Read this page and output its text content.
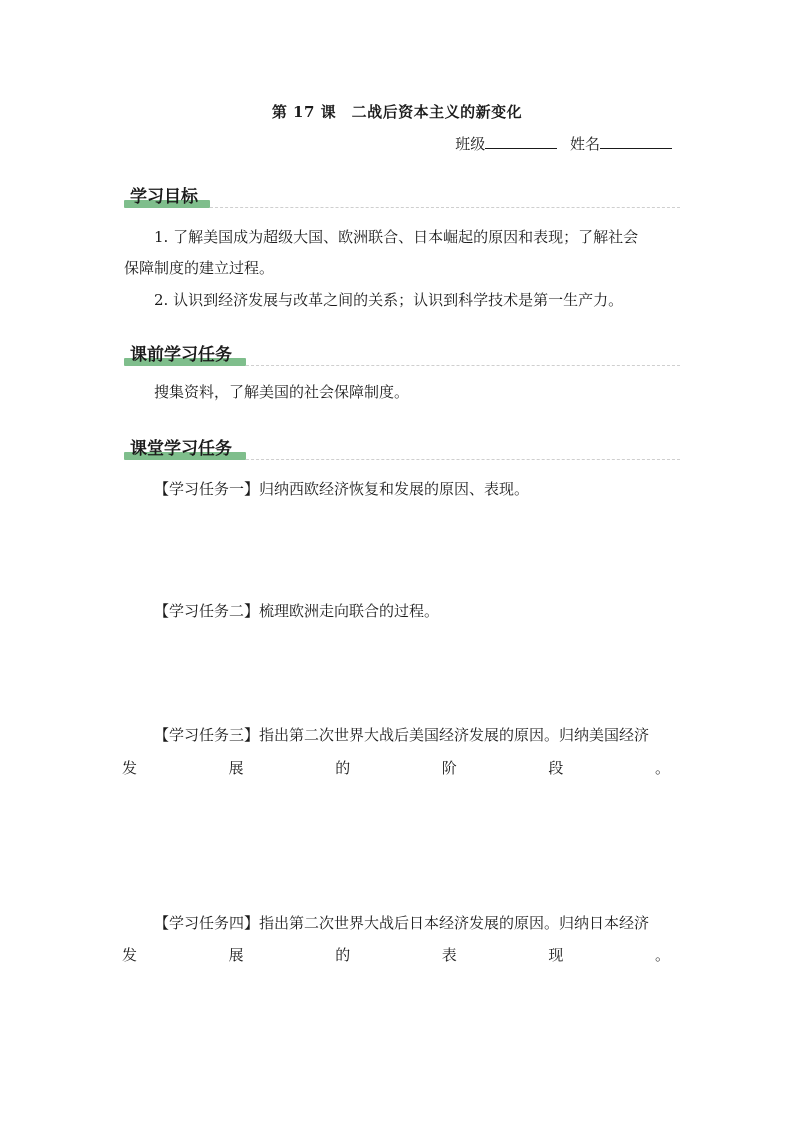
第 17 课　二战后资本主义的新变化
班级	姓名
学习目标
1. 了解美国成为超级大国、欧洲联合、日本崛起的原因和表现；了解社会
保障制度的建立过程。
2. 认识到经济发展与改革之间的关系；认识到科学技术是第一生产力。
课前学习任务
搜集资料，了解美国的社会保障制度。
课堂学习任务
【学习任务一】归纳西欧经济恢复和发展的原因、表现。
【学习任务二】梳理欧洲走向联合的过程。
【学习任务三】指出第二次世界大战后美国经济发展的原因。归纳美国经济
发	展	的	阶	段	。
【学习任务四】指出第二次世界大战后日本经济发展的原因。归纳日本经济
发	展	的	表	现	。
